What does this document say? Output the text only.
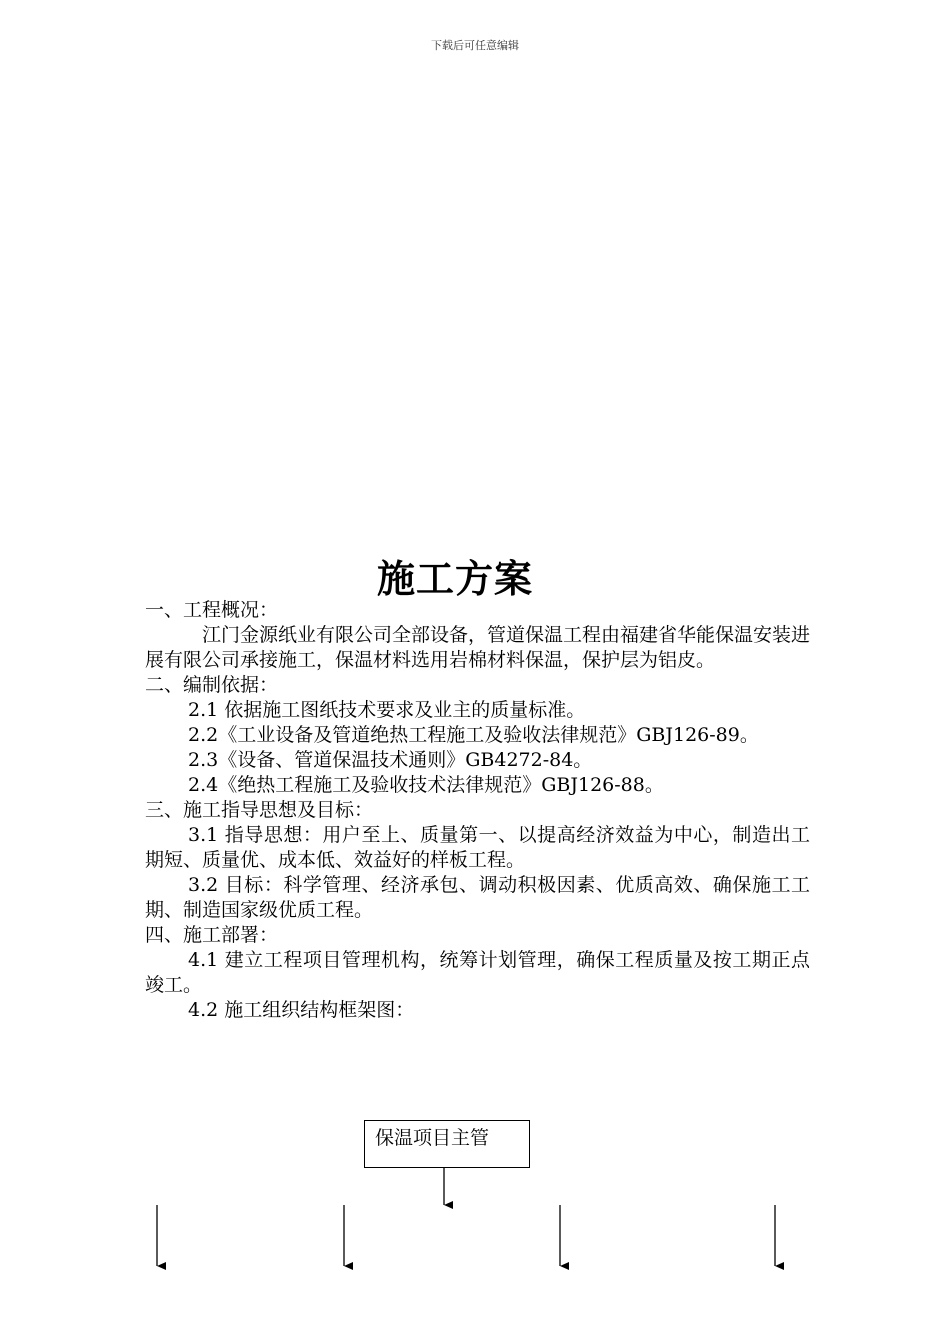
下载后可任意编辑
施工方案

一、工程概况：

江门金源纸业有限公司全部设备，管道保温工程由福建省华能保温安装进展有限公司承接施工，保温材料选用岩棉材料保温，保护层为铝皮。

二、编制依据：

2.1 依据施工图纸技术要求及业主的质量标准。

2.2《工业设备及管道绝热工程施工及验收法律规范》GBJ126-89。

2.3《设备、管道保温技术通则》GB4272-84。

2.4《绝热工程施工及验收技术法律规范》GBJ126-88。

三、施工指导思想及目标：

3.1 指导思想：用户至上、质量第一、以提高经济效益为中心，制造出工期短、质量优、成本低、效益好的样板工程。

3.2 目标：科学管理、经济承包、调动积极因素、优质高效、确保施工工期、制造国家级优质工程。

四、施工部署：

4.1 建立工程项目管理机构，统筹计划管理，确保工程质量及按工期正点竣工。

4.2 施工组织结构框架图：

保温项目主管
